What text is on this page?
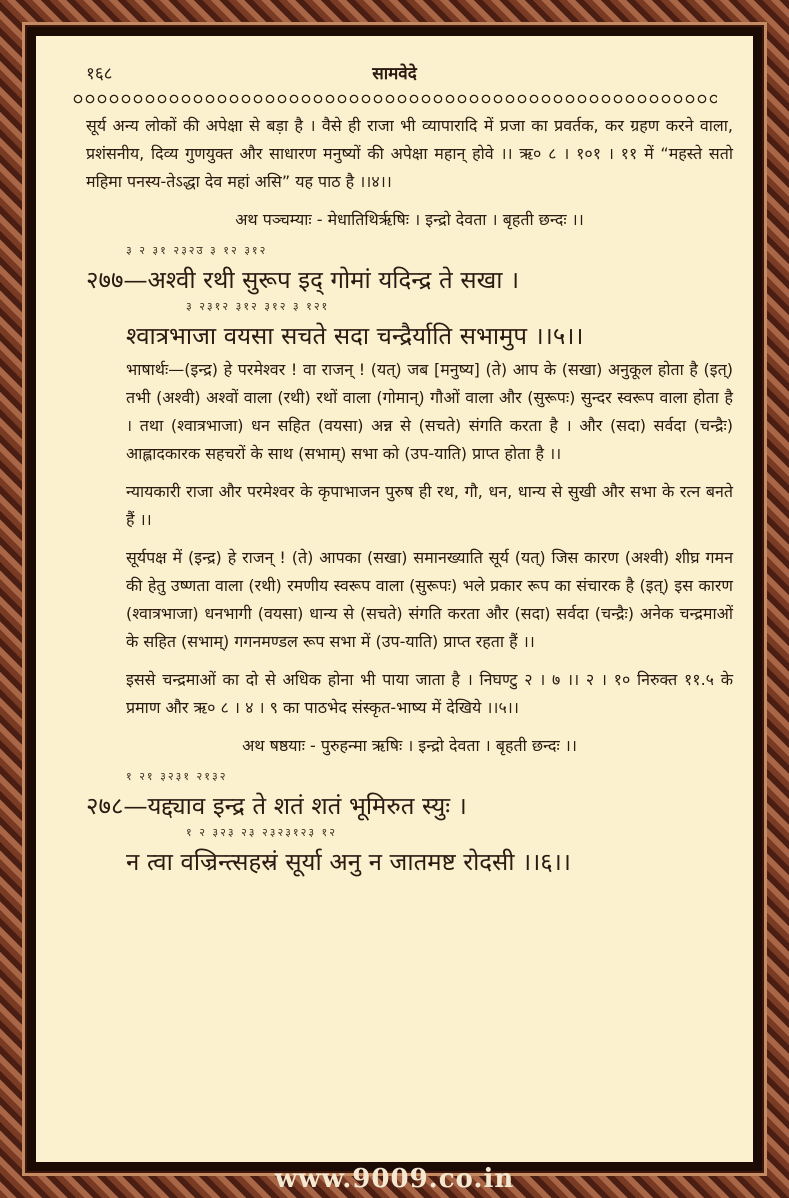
१६८	सामवेदे

सूर्य अन्य लोकों की अपेक्षा से बड़ा है । वैसे ही राजा भी व्यापारादि में प्रजा का प्रवर्तक, कर ग्रहण करने वाला, प्रशंसनीय, दिव्य गुणयुक्त और साधारण मनुष्यों की अपेक्षा महान् होवे ।। ऋ० ८ । १०१ । ११ में “महस्ते सतो महिमा पनस्य-तेऽद्धा देव महां असि” यह पाठ है ।।४।।

अथ पञ्चम्याः - मेधातिथिर्ऋषिः । इन्द्रो देवता । बृहती छन्दः ।।

३ २ ३१ २३२उ ३ १२ ३१२

२७७—अश्वी रथी सुरूप इद् गोमां यदिन्द्र ते सखा ।

३ २३१२ ३१२ ३१२ ३ १२१

श्वात्रभाजा वयसा सचते सदा चन्द्रैर्याति सभामुप ।।५।।

भाषार्थः—(इन्द्र) हे परमेश्वर ! वा राजन् ! (यत्) जब [मनुष्य] (ते) आप के (सखा) अनुकूल होता है (इत्) तभी (अश्वी) अश्वों वाला (रथी) रथों वाला (गोमान्) गौओं वाला और (सुरूपः) सुन्दर स्वरूप वाला होता है । तथा (श्वात्रभाजा) धन सहित (वयसा) अन्न से (सचते) संगति करता है । और (सदा) सर्वदा (चन्द्रैः) आह्लादकारक सहचरों के साथ (सभाम्) सभा को (उप-याति) प्राप्त होता है ।।

न्यायकारी राजा और परमेश्वर के कृपाभाजन पुरुष ही रथ, गौ, धन, धान्य से सुखी और सभा के रत्न बनते हैं ।।

सूर्यपक्ष में (इन्द्र) हे राजन् ! (ते) आपका (सखा) समानख्याति सूर्य (यत्) जिस कारण (अश्वी) शीघ्र गमन की हेतु उष्णता वाला (रथी) रमणीय स्वरूप वाला (सुरूपः) भले प्रकार रूप का संचारक है (इत्) इस कारण (श्वात्रभाजा) धनभागी (वयसा) धान्य से (सचते) संगति करता और (सदा) सर्वदा (चन्द्रैः) अनेक चन्द्रमाओं के सहित (सभाम्) गगनमण्डल रूप सभा में (उप-याति) प्राप्त रहता हैं ।।

इससे चन्द्रमाओं का दो से अधिक होना भी पाया जाता है । निघण्टु २ । ७ ।। २ । १० निरुक्त ११.५ के प्रमाण और ऋ० ८ । ४ । ९ का पाठभेद संस्कृत-भाष्य में देखिये ।।५।।

अथ षष्ठयाः - पुरुहन्मा ऋषिः । इन्द्रो देवता । बृहती छन्दः ।।

१ २१ ३२३१ २१३२

२७८—यद्द्याव इन्द्र ते शतं शतं भूमिरुत स्युः ।

१ २ ३२३ २३ २३२३१२३ १२

न त्वा वज्रिन्त्सहस्रं सूर्या अनु न जातमष्ट रोदसी ।।६।।

www.9009.co.in
